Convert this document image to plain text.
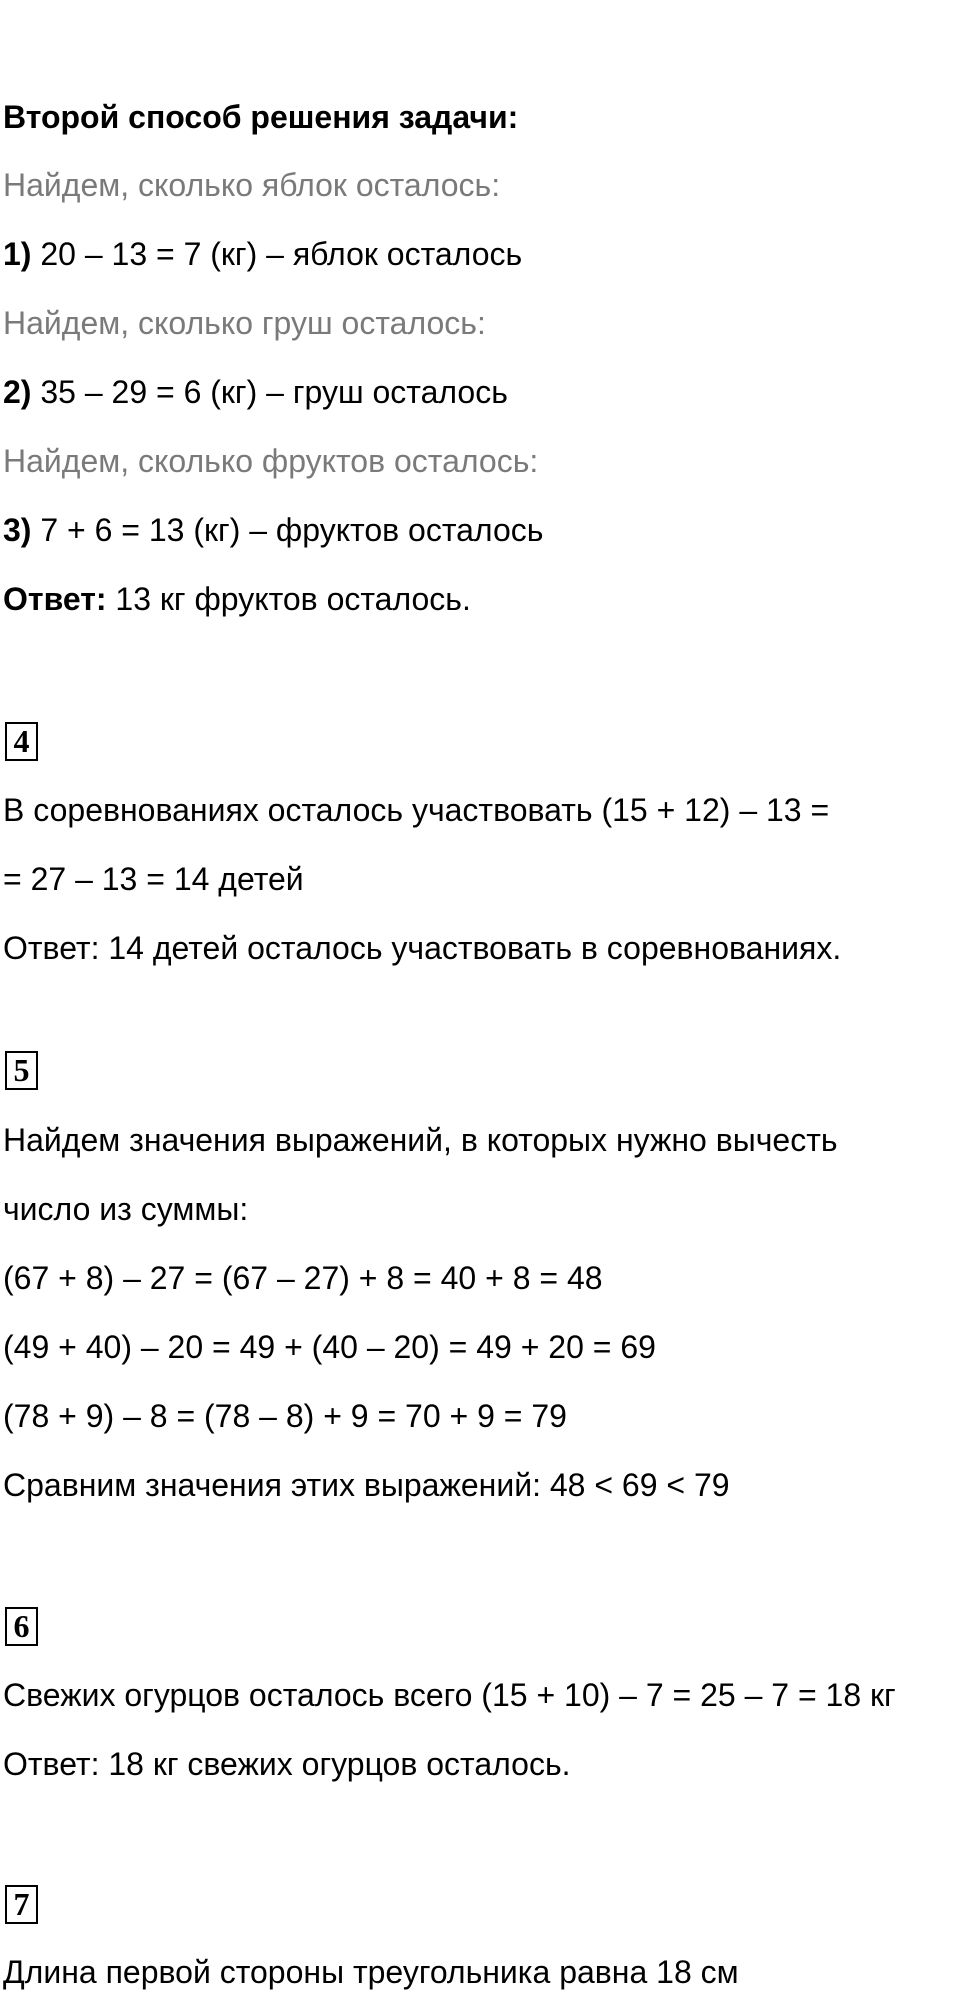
Второй способ решения задачи:
Найдем, сколько яблок осталось:
1) 20 – 13 = 7 (кг) – яблок осталось
Найдем, сколько груш осталось:
2) 35 – 29 = 6 (кг) – груш осталось
Найдем, сколько фруктов осталось:
3) 7 + 6 = 13 (кг) – фруктов осталось
Ответ: 13 кг фруктов осталось.
4
В соревнованиях осталось участвовать (15 + 12) – 13 =
= 27 – 13 = 14 детей
Ответ: 14 детей осталось участвовать в соревнованиях.
5
Найдем значения выражений, в которых нужно вычесть
число из суммы:
(67 + 8) – 27 = (67 – 27) + 8 = 40 + 8 = 48
(49 + 40) – 20 = 49 + (40 – 20) = 49 + 20 = 69
(78 + 9) – 8 = (78 – 8) + 9 = 70 + 9 = 79
Сравним значения этих выражений: 48 < 69 < 79
6
Свежих огурцов осталось всего (15 + 10) – 7 = 25 – 7 = 18 кг
Ответ: 18 кг свежих огурцов осталось.
7
Длина первой стороны треугольника равна 18 см
